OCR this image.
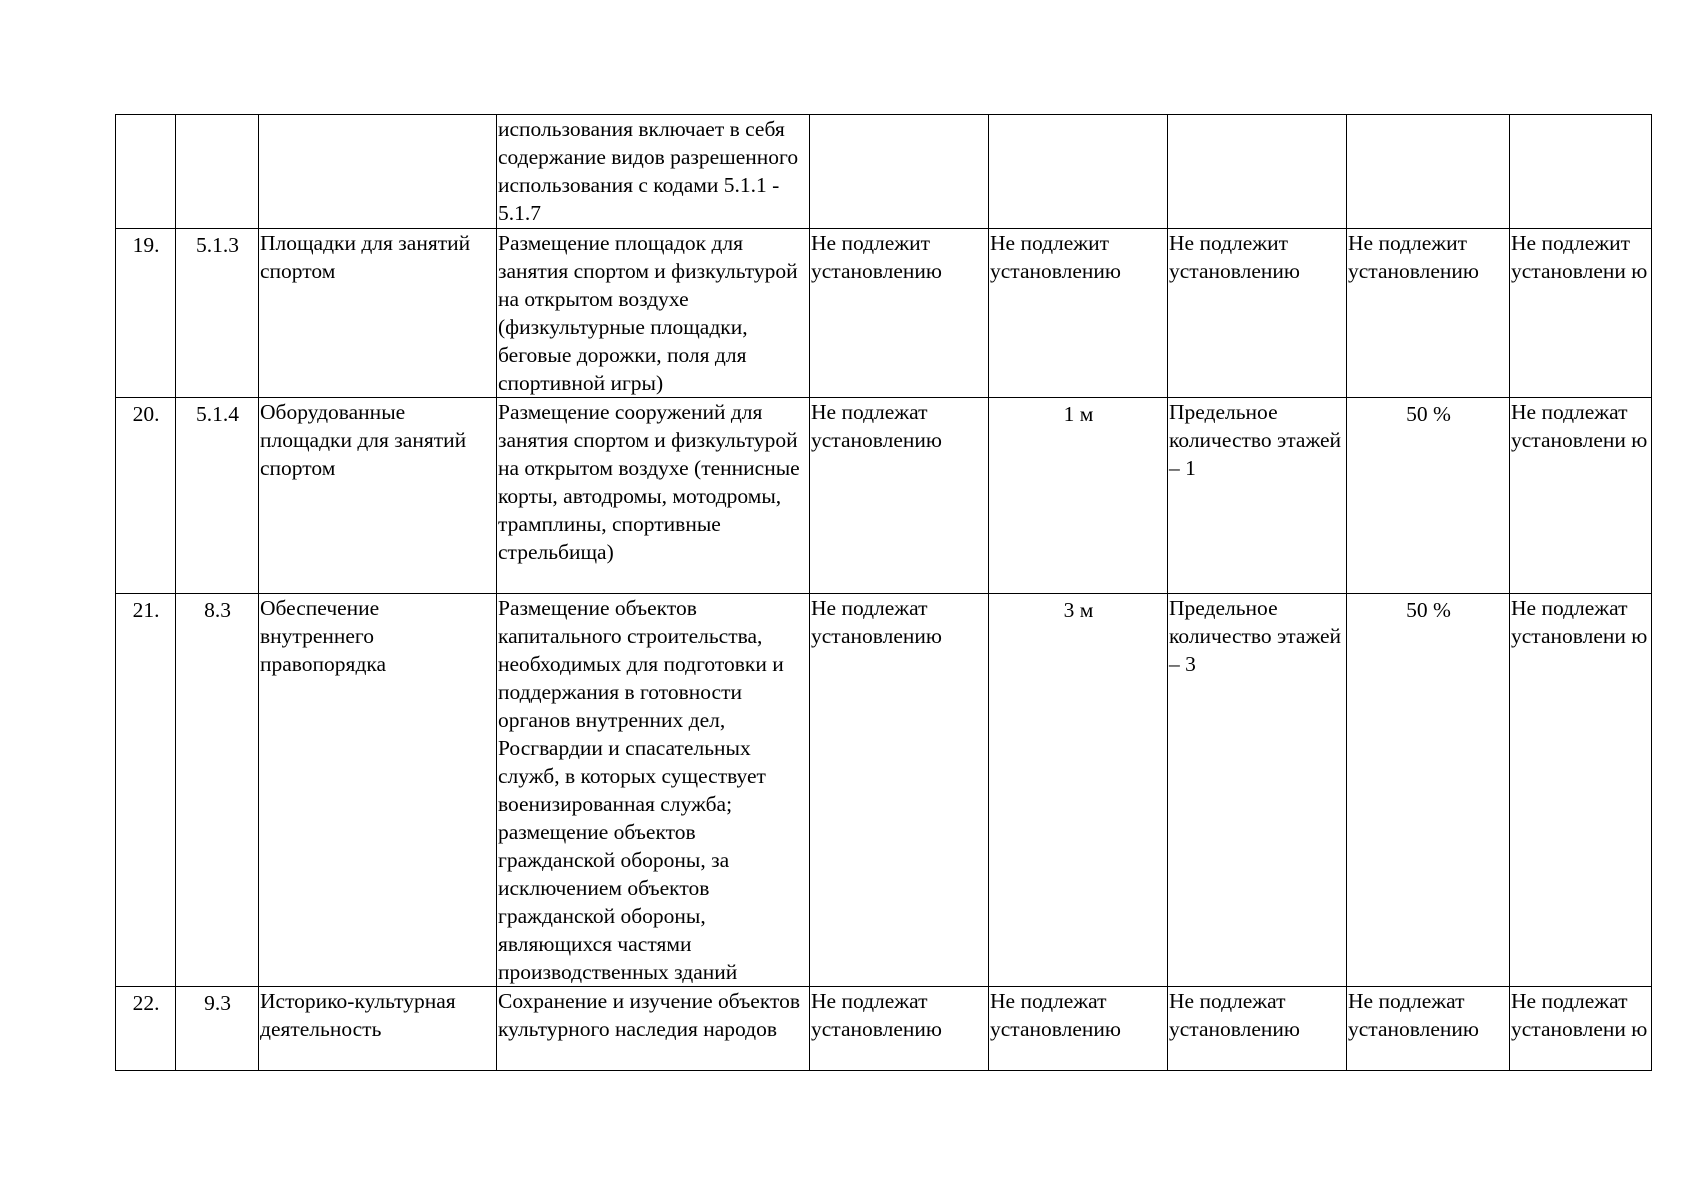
			использования включает в себя содержание видов разрешенного использования с кодами 5.1.1 - 5.1.7					

19.	5.1.3	Площадки для занятий спортом	Размещение площадок для занятия спортом и физкультурой на открытом воздухе (физкультурные площадки, беговые дорожки, поля для спортивной игры)	Не подлежит установлению	Не подлежит установлению	Не подлежит установлению	Не подлежит установлению	Не подлежит установлени ю

20.	5.1.4	Оборудованные площадки для занятий спортом	Размещение сооружений для занятия спортом и физкультурой на открытом воздухе (теннисные корты, автодромы, мотодромы, трамплины, спортивные стрельбища)	Не подлежат установлению	1 м	Предельное количество этажей – 1	50 %	Не подлежат установлени ю

21.	8.3	Обеспечение внутреннего правопорядка	Размещение объектов капитального строительства, необходимых для подготовки и поддержания в готовности органов внутренних дел, Росгвардии и спасательных служб, в которых существует военизированная служба; размещение объектов гражданской обороны, за исключением объектов гражданской обороны, являющихся частями производственных зданий	Не подлежат установлению	3 м	Предельное количество этажей – 3	50 %	Не подлежат установлени ю

22.	9.3	Историко-культурная деятельность	Сохранение и изучение объектов культурного наследия народов	Не подлежат установлению	Не подлежат установлению	Не подлежат установлению	Не подлежат установлению	Не подлежат установлени ю
